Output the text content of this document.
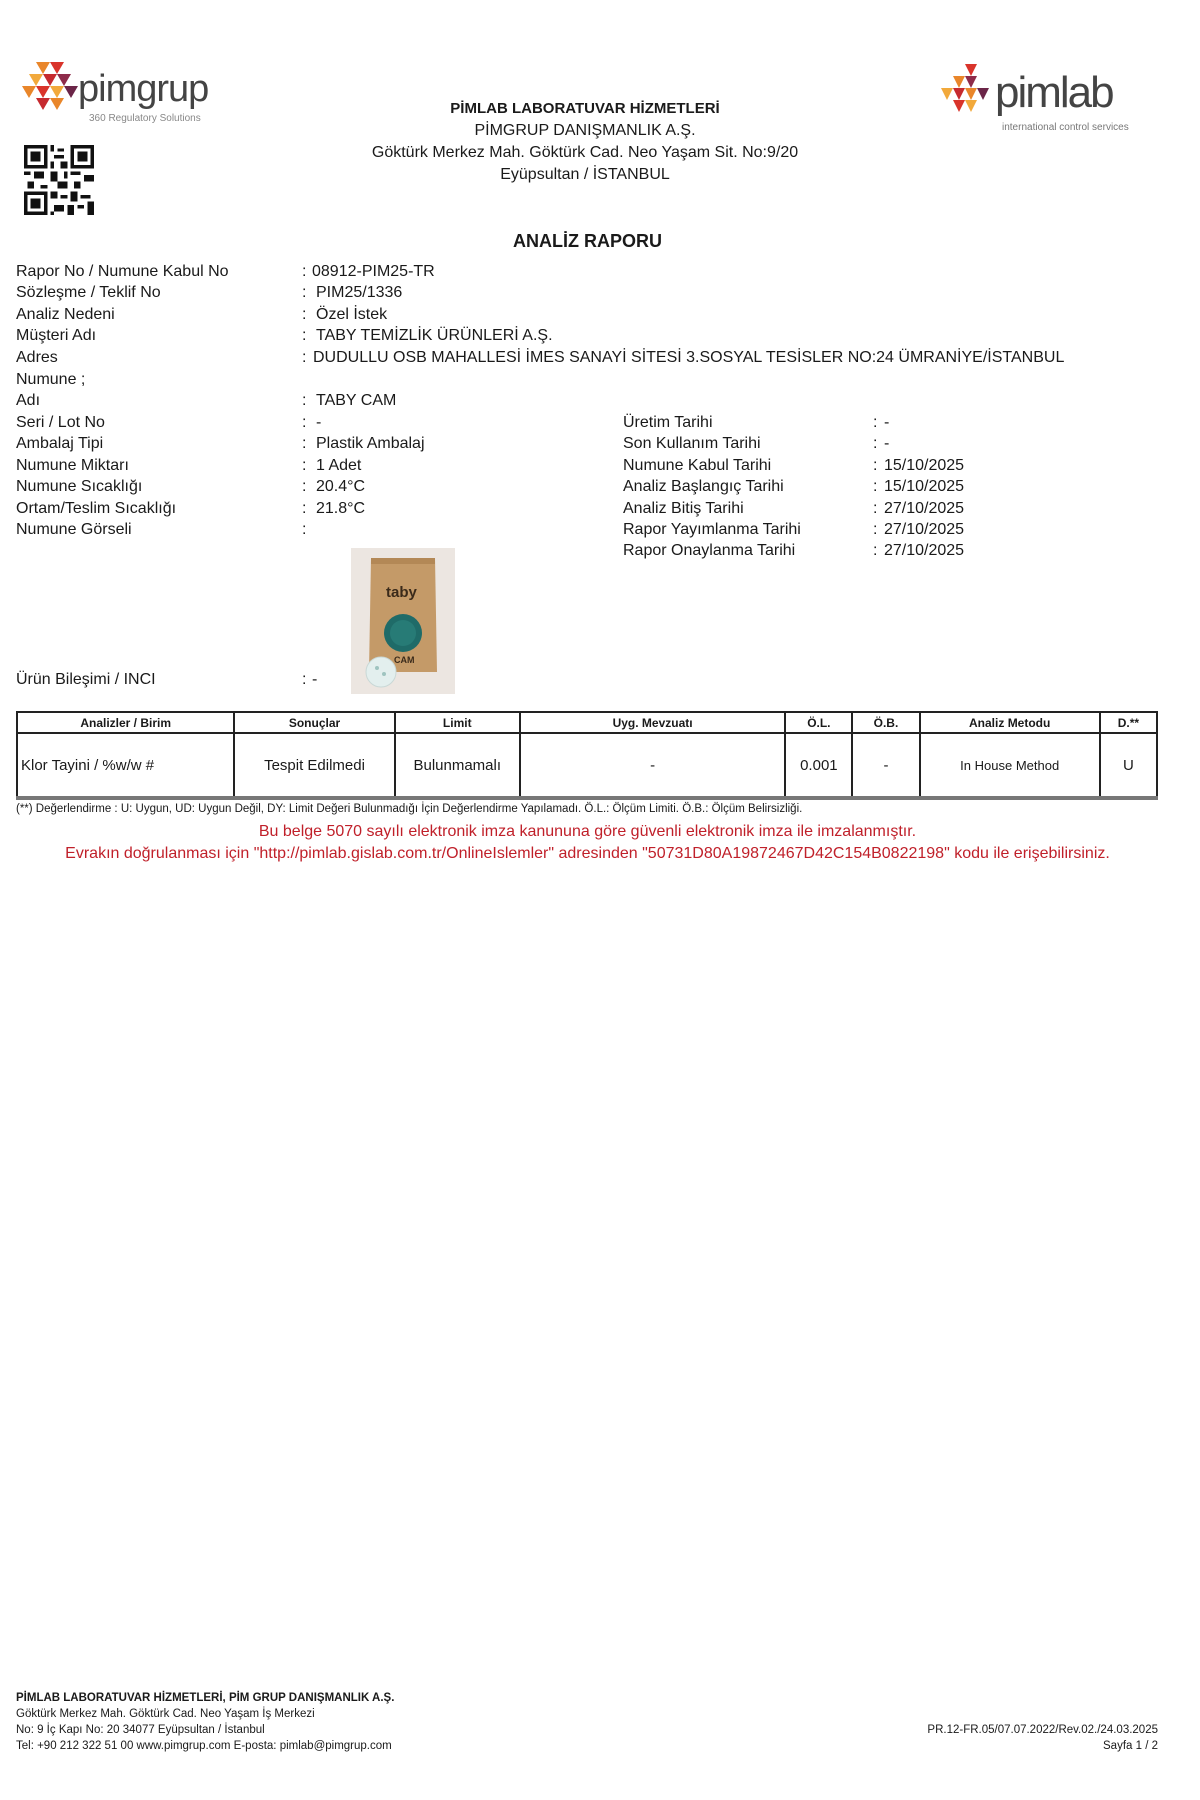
pimgrup
360 Regulatory Solutions
PİMLAB LABORATUVAR HİZMETLERİ
PİMGRUP DANIŞMANLIK A.Ş.
Göktürk Merkez Mah. Göktürk Cad. Neo Yaşam Sit. No:9/20
Eyüpsultan / İSTANBUL
pimlab
international control services
ANALİZ RAPORU
Rapor No / Numune Kabul No	: 08912-PIM25-TR
Sözleşme / Teklif No	: PIM25/1336
Analiz Nedeni	: Özel İstek
Müşteri Adı	: TABY TEMİZLİK ÜRÜNLERİ A.Ş.
Adres	: DUDULLU OSB MAHALLESİ İMES SANAYİ SİTESİ 3.SOSYAL TESİSLER NO:24 ÜMRANİYE/İSTANBUL
Numune ;
Adı	: TABY CAM
Seri / Lot No	: -
Ambalaj Tipi	: Plastik Ambalaj
Numune Miktarı	: 1 Adet
Numune Sıcaklığı	: 20.4°C
Ortam/Teslim Sıcaklığı	: 21.8°C
Numune Görseli	:
taby
CAM
Ürün Bileşimi / INCI	: -
Üretim Tarihi	: -
Son Kullanım Tarihi	: -
Numune Kabul Tarihi	: 15/10/2025
Analiz Başlangıç Tarihi	: 15/10/2025
Analiz Bitiş Tarihi	: 27/10/2025
Rapor Yayımlanma Tarihi	: 27/10/2025
Rapor Onaylanma Tarihi	: 27/10/2025
Analizler / Birim	Sonuçlar	Limit	Uyg. Mevzuatı	Ö.L.	Ö.B.	Analiz Metodu	D.**
Klor Tayini / %w/w #	Tespit Edilmedi	Bulunmamalı	-	0.001	-	In House Method	U
(**) Değerlendirme : U: Uygun, UD: Uygun Değil, DY: Limit Değeri Bulunmadığı İçin Değerlendirme Yapılamadı. Ö.L.: Ölçüm Limiti. Ö.B.: Ölçüm Belirsizliği.
Bu belge 5070 sayılı elektronik imza kanununa göre güvenli elektronik imza ile imzalanmıştır.
Evrakın doğrulanması için "http://pimlab.gislab.com.tr/OnlineIslemler" adresinden "50731D80A19872467D42C154B0822198" kodu ile erişebilirsiniz.
PİMLAB LABORATUVAR HİZMETLERİ, PİM GRUP DANIŞMANLIK A.Ş.
Göktürk Merkez Mah. Göktürk Cad. Neo Yaşam İş Merkezi
No: 9 İç Kapı No: 20 34077 Eyüpsultan / İstanbul
Tel: +90 212 322 51 00 www.pimgrup.com E-posta: pimlab@pimgrup.com
PR.12-FR.05/07.07.2022/Rev.02./24.03.2025
Sayfa 1 / 2
